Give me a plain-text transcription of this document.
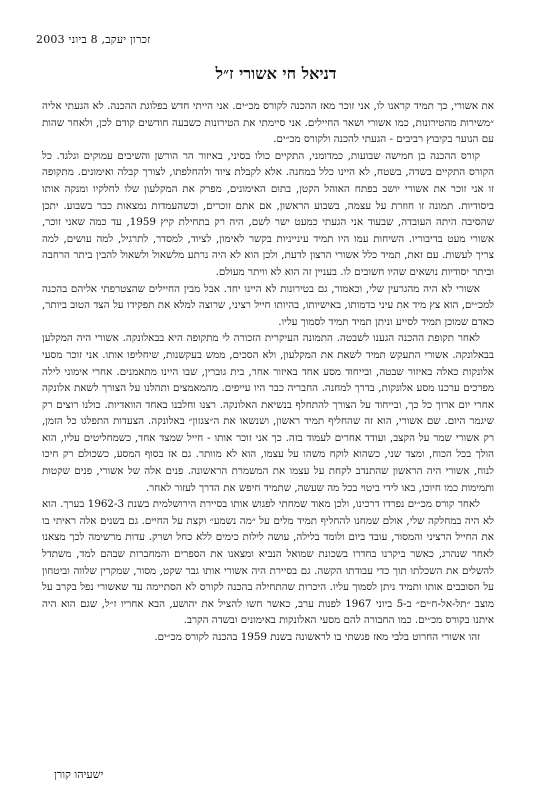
זכרון יעקב, 8 ביוני 2003
דניאל חי אשורי ז״ל

את אשורי, כך תמיד קראנו לו, אני זוכר מאז ההכנה לקורס מכ״ים. אני הייתי חדש בפלוגת ההכנה. לא הגעתי אליה ״משירות מהטירונות, כמו אשורי ושאר החיילים. אני סיימתי את הטירונות כשבעה חודשים קודם לכן, ולאחר שהות עם הנוער בקיבוץ רביבים - הגעתי להכנה ולקורס מכ״ים.

קורס ההכנה בן חמישה שבועות, כמדומני, התקיים כולו בסיני, באיזור הר הורשן והשיבים עמוקים וגלגד. כל הקורס התקיים בשדה, בשטח, לא היינו כלל במחנה. אלא לקבלת ציוד ולהחלפתו, לצורך קבלה ואימונים. מתקופה זו אני זוכר את אשורי יושב בפתח האוהל הקטן, בתום האימונים, מפרק את המקלעון שלו לחלקיו ומנקה אותו ביסודיות. תמונה זו חוזרת על עצמה, בשבוע הראשון, אם אתם זוכרים, וכשהעמדות נמצאות כבר בשבוע. יתכן שהסיבה היתה העובדה, שבעוד אני הגעתי כמעט ישר לשם, היה רק בתחילת קיץ 1959, עד כמה שאני זוכר, אשורי מעט בדיבוריו. השיחות עמו היו תמיד עינייניות בקשר לאימון, לציוד, למסדר, לתרגיל, למה עושים, למה צריך לעשות. עם זאת, תמיד כלל אשורי הרצון לדעת, ולכן הוא לא היה נרתע מלשאול ולשאול להבין ביתר הרחבה וביתר יסודיות נושאים שהיו חשובים לו. בעניין זה הוא לא וויתר מעולם.

אשורי לא היה מהגרעין שלי, וכאמור, גם בטירונות לא היינו יחד. אבל מבין החיילים שהצטרפתי אליהם בהכנה למכ״ים, הוא צץ מיד את עיני בדמותו, באישיותו, בהיותו חייל רציני, שרוצה למלא את תפקידו על הצד הטוב ביותר, כאדם שמוכן תמיד לסייע וניתן תמיד תמיד לסמוך עליו.

לאחר תקופת ההכנה הגענו לשבטה. התמונה העיקרית הזכורה לי מתקופה היא בבאלונקה. אשורי היה המקלען בבאלונקה. אשורי התעקש תמיד לשאת את המקלעון, ולא הסכים, ממש בעקשנות, שיחליפו אותו. אני זוכר מסעי אלונקות כאלה באיזור שבטה, ובייחוד מסע אחד באיזור אחר, בית גוברין, שבו היינו מתאמנים. אחרי אימוני לילה מפרכים ערכנו מסע אלונקות, בדרך למחנה. החבריה כבר היו עייפים. מהמאמצים ותהלנו על הצורך לשאת אלונקה אחרי יום ארוך כל כך, ובייחוד על הצורך להתחלף בנשיאת האלונקה. רצנו וחלבנו באחד הוואדיות. כולנו רוצים רק שיגמר היום. שם אשורי, הוא זה שהחליף תמיד ראשון, ושנשאו את ה״צגזון״ באלונקה. הצעדות התפלגו כל הזמן, רק אשורי שמר על הקצב, ועודד אחרים לעמוד בזה. כך אני זוכר אותו - חייל שמצד אחד, כשמחליטים עליו, הוא הולך בכל הכוח, ומצד שני, כשהוא לוקח משהו על עצמו, הוא לא מוותר. גם אז בסוף המסע, כשכולם רק חיכו לנוח, אשורי היה הראשון שהתנדב לקחת על עצמו את המשמרת הראשונה. פנים אלה של אשורי, פנים שקטות ותמימות כמו חיוכו, באו לידי ביטוי בכל מה שעשה, שתמיד חיפש את הדרך לעזור לאחר.

לאחר קורס מכ״ים נפרדו דרכינו, ולכן מאוד שמחתי לפגוש אותו בסיירת הירושלמית בשנת 1962-3 בערך. הוא לא היה במחלקה שלי, אולם שמחנו להחליף תמיד מלים על ״מה נשמע״ וקצת על החיים. גם בשנים אלה ראיתי בו את החייל הרציני והמסור, עובד ביום ולומד בלילה, עושה לילות כימים ללא כחל ושרק. עדות מרשימה לכך מצאנו לאחר שנהרג, כאשר ביקרנו בחדרו בשכונת שמואל הנביא ומצאנו את הספרים והמחברות שבהם למד, משתדל להשלים את השכלתו תוך כדי עבודתו הקשה. גם בסיירת היה אשורי אותו גבר שקט, מסור, שמקרין שלווה וביטחון על הסובבים אותו ותמיד ניתן לסמוך עליו. היכרות שהתחילה בהכנה לקורס לא הסתיימה עד שאשורי נפל בקרב על מוצב ״תל-אל-ח׳ים״ ב-5 ביוני 1967 לפנות ערב, כאשר חשו להציל את יהושע, הבא אחריו ז״ל, שגם הוא היה איתנו בקורס מכ״ים. כמו החבורה להם מסעי האלונקות באימונים ובשדה הקרב.

זהו אשורי החרוט בלבי מאז פגשתי בו לראשונה בשנת 1959 בהכנה לקורס מכ״ים.

ישעיהו קורן
